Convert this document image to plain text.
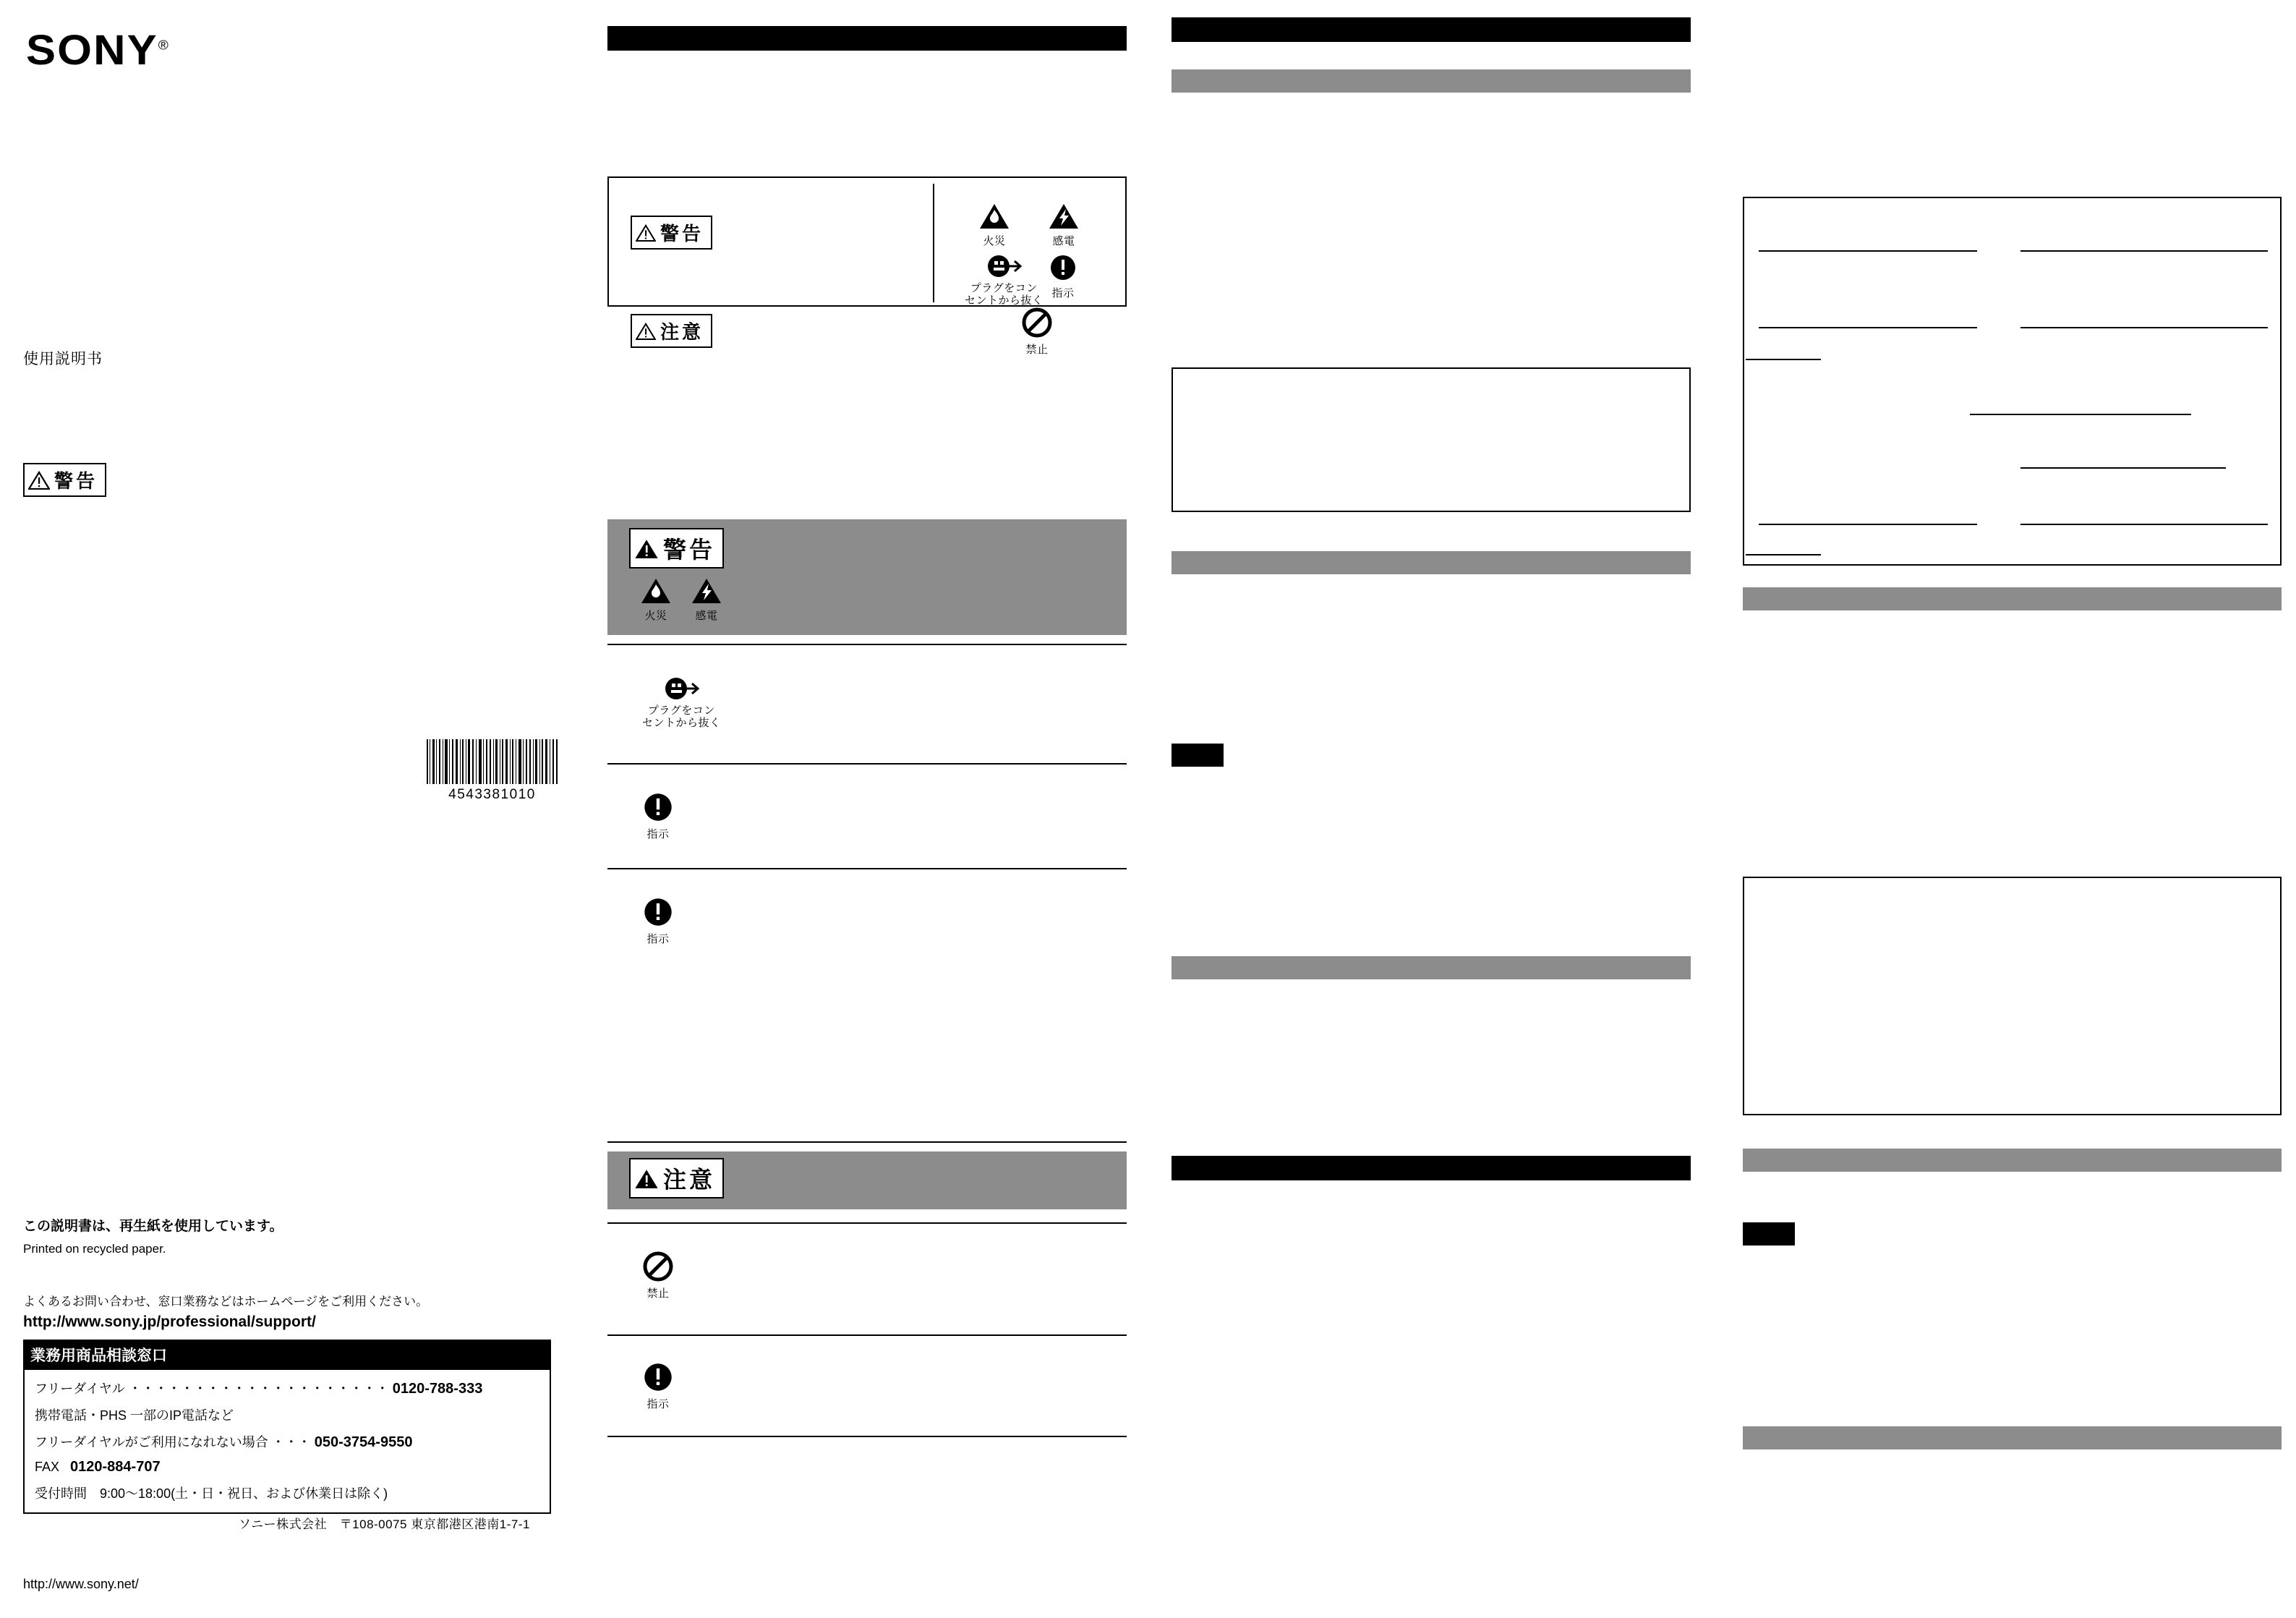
SONY®
使用説明书
警告
4543381010
この説明書は、再生紙を使用しています。
Printed on recycled paper.
よくあるお問い合わせ、窓口業務などはホームページをご利用ください。
http://www.sony.jp/professional/support/
業務用商品相談窓口
フリーダイヤル ・・・・・・・・・・・・・・・・・・・・ 0120-788-333
携帯電話・PHS 一部のIP電話など
フリーダイヤルがご利用になれない場合 ・・・ 050-3754-9550
FAX 0120-884-707
受付時間　9:00〜18:00(土・日・祝日、および休業日は除く)
ソニー株式会社　〒108-0075 東京都港区港南1-7-1
http://www.sony.net/
警告
注意
火災	感電
プラグをコン
セントから抜く
指示
禁止
警告
火災	感電
プラグをコン
セントから抜く
指示
指示
注意
禁止
指示
